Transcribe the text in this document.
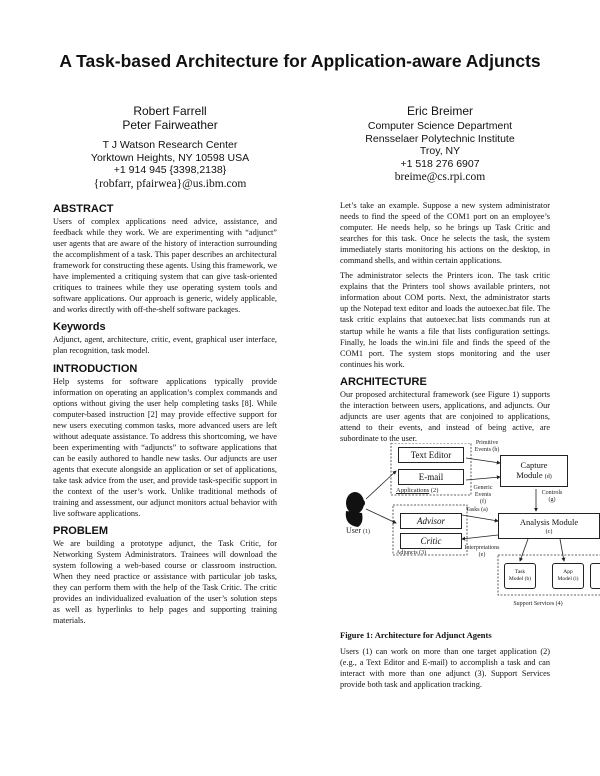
A Task-based Architecture for Application-aware Adjuncts
Robert Farrell
Peter Fairweather
T J Watson Research Center
Yorktown Heights, NY 10598 USA
+1 914 945 {3398,2138}
{robfarr, pfairwea}@us.ibm.com
Eric Breimer
Computer Science Department
Rensselaer Polytechnic Institute
Troy, NY
+1 518 276 6907
breime@cs.rpi.com
ABSTRACT

Users of complex applications need advice, assistance, and feedback while they work. We are experimenting with “adjunct” user agents that are aware of the history of interaction surrounding the accomplishment of a task. This paper describes an architectural framework for constructing these agents. Using this framework, we have implemented a critiquing system that can give task-oriented critiques to trainees while they use operating system tools and software applications. Our approach is generic, widely applicable, and works directly with off-the-shelf software packages.

Keywords

Adjunct, agent, architecture, critic, event, graphical user interface, plan recognition, task model.

INTRODUCTION

Help systems for software applications typically provide information on operating an application’s complex commands and options without giving the user help completing tasks [8]. While computer-based instruction [2] may provide effective support for new users executing common tasks, more advanced users are left without adequate assistance. To address this shortcoming, we have been experimenting with “adjuncts” to software applications that can be easily authored to handle new tasks. Our adjuncts are user agents that execute alongside an application or set of applications, take task advice from the user, and provide task-specific support in the context of the user’s work. Unlike traditional methods of training and assessment, our adjunct monitors actual behavior with live software applications.

PROBLEM

We are building a prototype adjunct, the Task Critic, for Networking System Administrators. Trainees will download the system following a web-based course or classroom instruction. When they need practice or assistance with particular job tasks, they can perform them with the help of the Task Critic. The critic provides an individualized evaluation of the user’s solution steps as well as hyperlinks to help pages and supporting training materials.

Let’s take an example. Suppose a new system administrator needs to find the speed of the COM1 port on an employee’s computer. He needs help, so he brings up Task Critic and searches for this task. Once he selects the task, the system immediately starts monitoring his actions on the desktop, in command shells, and within certain applications.

The administrator selects the Printers icon. The task critic explains that the Printers tool shows available printers, not information about COM ports. Next, the administrator starts up the Notepad text editor and loads the autoexec.bat file. The task critic explains that autoexec.bat lists commands run at startup while he wants a file that lists configuration settings. Finally, he loads the win.ini file and finds the speed of the COM1 port. The system stops monitoring and the user continues his work.

ARCHITECTURE

Our proposed architectural framework (see Figure 1) supports the interaction between users, applications, and adjuncts. Our adjuncts are user agents that are conjoined to applications, attend to their events, and instead of being active, are subordinate to the user.

Text Editor
E-mail
Applications (2)
Primitive
Events (h)
Capture
Module (d)
Generic
Events
(f)
Controls
(g)
User (1)
Tasks (a)
Advisor
Critic
Adjuncts (3)
Analysis Module
(c)
Interpretations
(e)
Task
Model (b)
App
Model (i)
Support Services (4)

Figure 1: Architecture for Adjunct Agents

Users (1) can work on more than one target application (2) (e.g., a Text Editor and E-mail) to accomplish a task and can interact with more than one adjunct (3). Support Services provide both task and application tracking.
